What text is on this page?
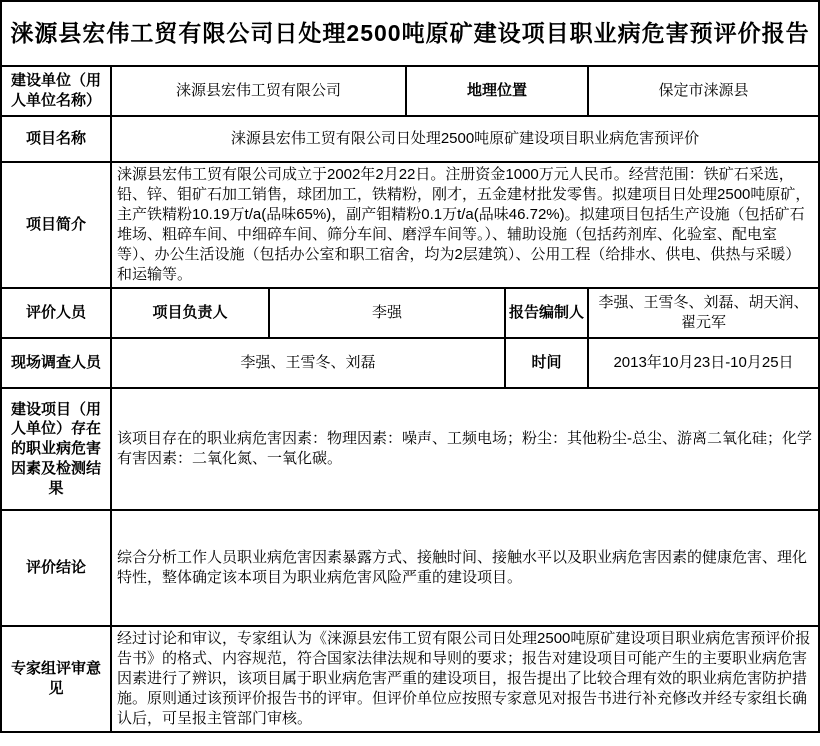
涞源县宏伟工贸有限公司日处理2500吨原矿建设项目职业病危害预评价报告					
建设单位（用人单位名称）	涞源县宏伟工贸有限公司		地理位置		保定市涞源县
项目名称	涞源县宏伟工贸有限公司日处理2500吨原矿建设项目职业病危害预评价				
项目简介	涞源县宏伟工贸有限公司成立于2002年2月22日。注册资金1000万元人民币。经营范围：铁矿石采选，铅、锌、钼矿石加工销售，球团加工，铁精粉，刚才，五金建材批发零售。拟建项目日处理2500吨原矿，主产铁精粉10.19万t/a(品味65%)，副产钼精粉0.1万t/a(品味46.72%)。拟建项目包括生产设施（包括矿石堆场、粗碎车间、中细碎车间、筛分车间、磨浮车间等。）、辅助设施（包括药剂库、化验室、配电室等）、办公生活设施（包括办公室和职工宿舍，均为2层建筑）、公用工程（给排水、供电、供热与采暖）和运输等。				
评价人员	项目负责人	李强		报告编制人	李强、王雪冬、刘磊、胡天润、翟元军
现场调查人员	李强、王雪冬、刘磊			时间	2013年10月23日-10月25日
建设项目（用人单位）存在的职业病危害因素及检测结果	该项目存在的职业病危害因素：物理因素：噪声、工频电场；粉尘：其他粉尘-总尘、游离二氧化硅；化学有害因素：二氧化氮、一氧化碳。				
评价结论	综合分析工作人员职业病危害因素暴露方式、接触时间、接触水平以及职业病危害因素的健康危害、理化特性，整体确定该本项目为职业病危害风险严重的建设项目。				
专家组评审意见	经过讨论和审议，专家组认为《涞源县宏伟工贸有限公司日处理2500吨原矿建设项目职业病危害预评价报告书》的格式、内容规范，符合国家法律法规和导则的要求；报告对建设项目可能产生的主要职业病危害因素进行了辨识，该项目属于职业病危害严重的建设项目，报告提出了比较合理有效的职业病危害防护措施。原则通过该预评价报告书的评审。但评价单位应按照专家意见对报告书进行补充修改并经专家组长确认后，可呈报主管部门审核。				
